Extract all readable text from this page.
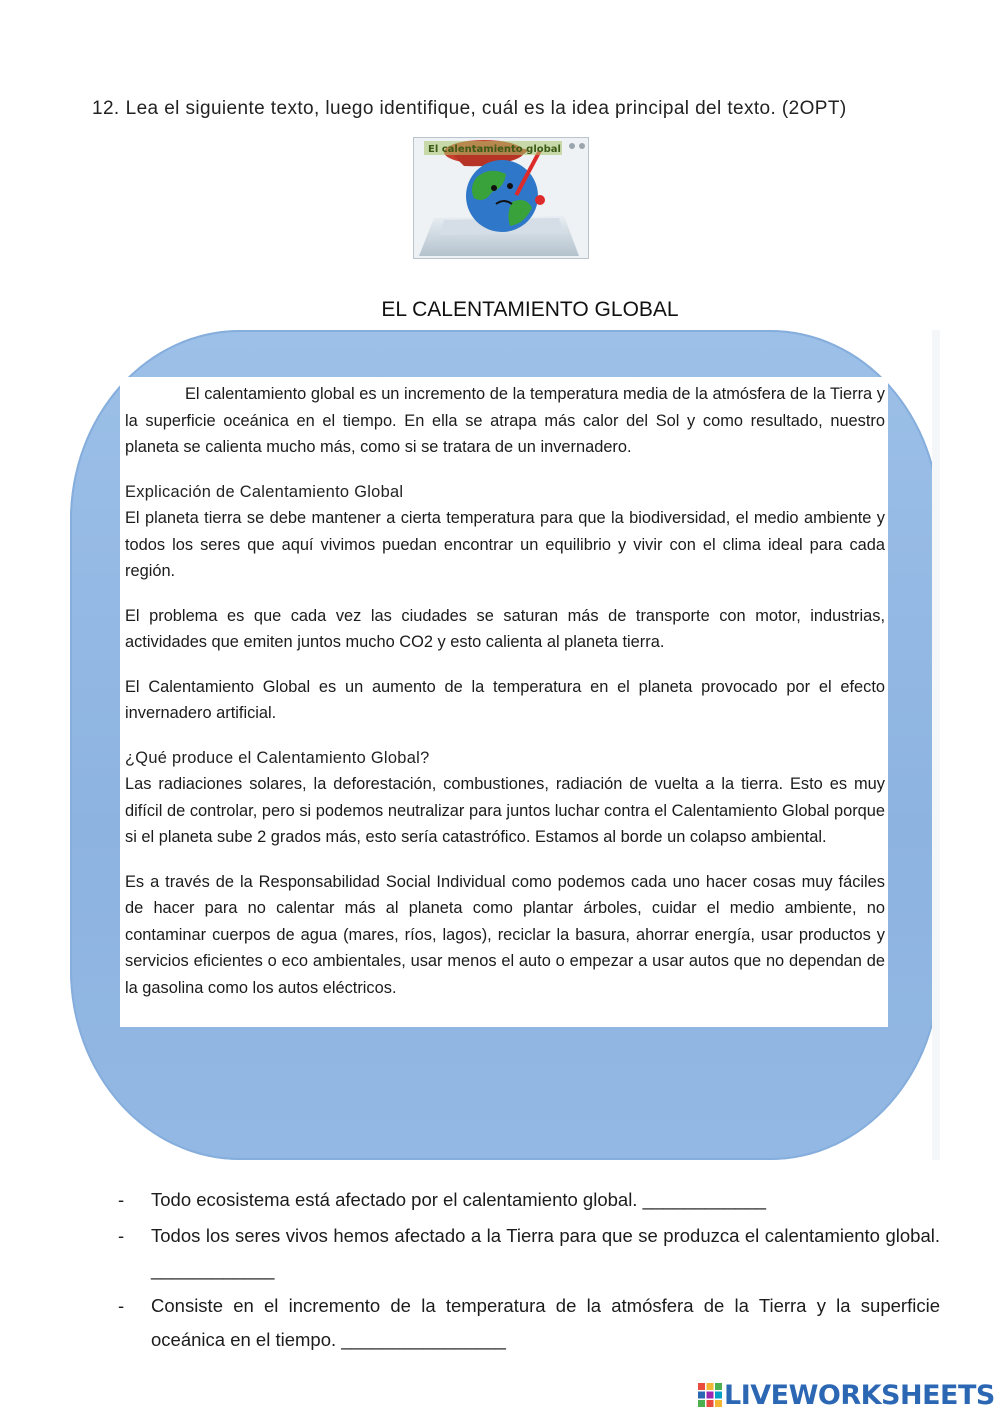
12. Lea el siguiente texto, luego identifique, cuál es la idea principal del texto. (2OPT)
El calentamiento global
EL CALENTAMIENTO GLOBAL

El calentamiento global es un incremento de la temperatura media de la atmósfera de la Tierra y la superficie oceánica en el tiempo. En ella se atrapa más calor del Sol y como resultado, nuestro planeta se calienta mucho más, como si se tratara de un invernadero.

Explicación de Calentamiento Global

El planeta tierra se debe mantener a cierta temperatura para que la biodiversidad, el medio ambiente y todos los seres que aquí vivimos puedan encontrar un equilibrio y vivir con el clima ideal para cada región.

El problema es que cada vez las ciudades se saturan más de transporte con motor, industrias, actividades que emiten juntos mucho CO2 y esto calienta al planeta tierra.

El Calentamiento Global es un aumento de la temperatura en el planeta provocado por el efecto invernadero artificial.

¿Qué produce el Calentamiento Global?

Las radiaciones solares, la deforestación, combustiones, radiación de vuelta a la tierra. Esto es muy difícil de controlar, pero si podemos neutralizar para juntos luchar contra el Calentamiento Global porque si el planeta sube 2 grados más, esto sería catastrófico. Estamos al borde un colapso ambiental.

Es a través de la Responsabilidad Social Individual como podemos cada uno hacer cosas muy fáciles de hacer para no calentar más al planeta como plantar árboles, cuidar el medio ambiente, no contaminar cuerpos de agua (mares, ríos, lagos), reciclar la basura, ahorrar energía, usar productos y servicios eficientes o eco ambientales, usar menos el auto o empezar a usar autos que no dependan de la gasolina como los autos eléctricos.

-	Todo ecosistema está afectado por el calentamiento global. ____________
-	Todos los seres vivos hemos afectado a la Tierra para que se produzca el calentamiento global. ____________
-	Consiste en el incremento de la temperatura de la atmósfera de la Tierra y la superficie oceánica en el tiempo. ________________
LIVEWORKSHEETS
